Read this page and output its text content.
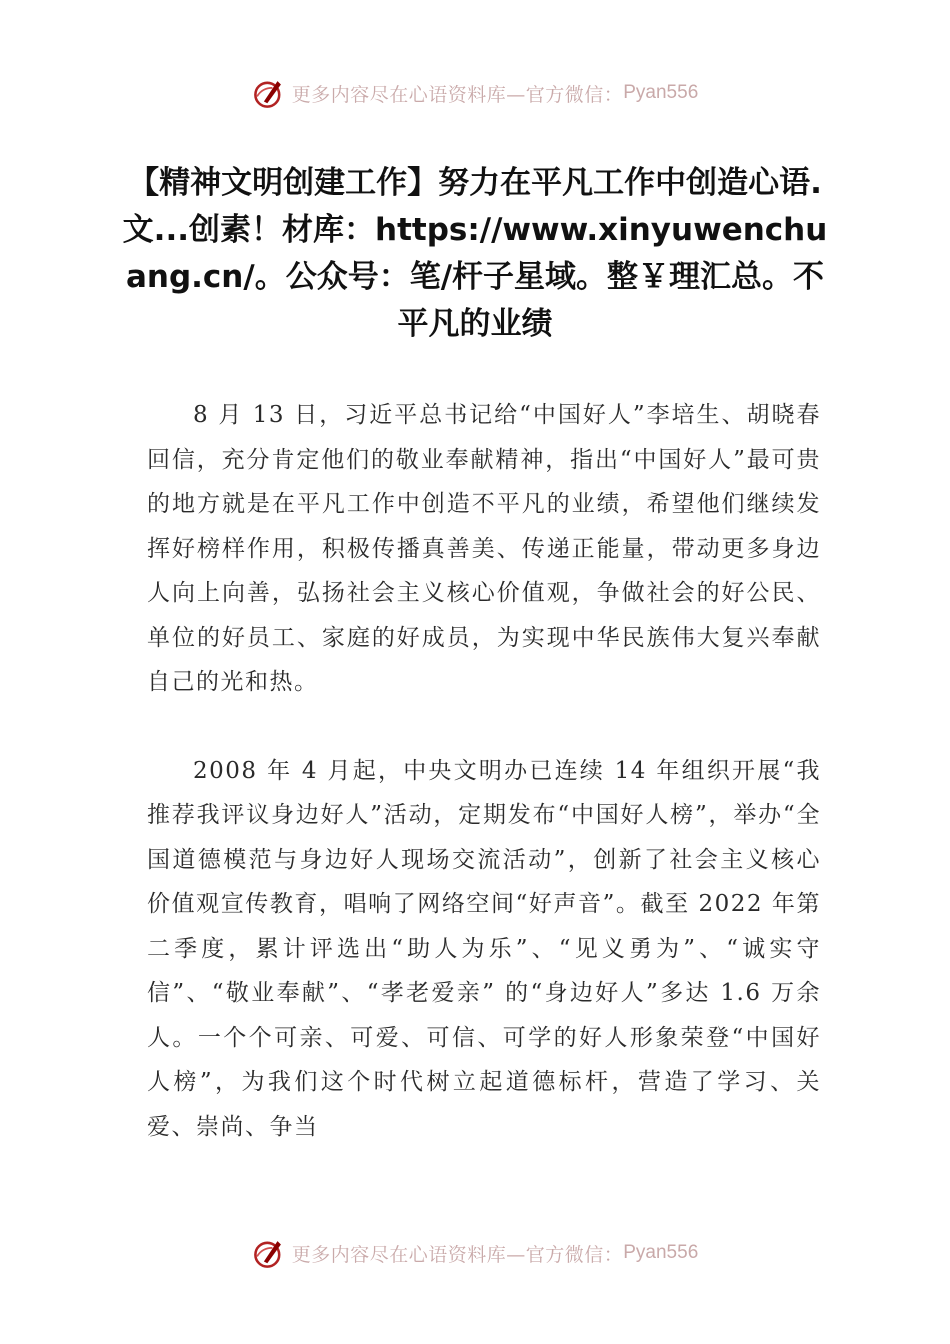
更多内容尽在心语资料库—官方微信： Pyan556
【精神文明创建工作】努力在平凡工作中创造心语.文...创素！材库：https://www.xinyuwenchuang.cn/。公众号：笔/杆子星域。整￥理汇总。不平凡的业绩

8 月 13 日，习近平总书记给“中国好人”李培生、胡晓春回信，充分肯定他们的敬业奉献精神，指出“中国好人”最可贵的地方就是在平凡工作中创造不平凡的业绩，希望他们继续发挥好榜样作用，积极传播真善美、传递正能量，带动更多身边人向上向善，弘扬社会主义核心价值观，争做社会的好公民、单位的好员工、家庭的好成员，为实现中华民族伟大复兴奉献自己的光和热。

2008 年 4 月起，中央文明办已连续 14 年组织开展“我推荐我评议身边好人”活动，定期发布“中国好人榜”，举办“全国道德模范与身边好人现场交流活动”，创新了社会主义核心价值观宣传教育，唱响了网络空间“好声音”。截至 2022 年第二季度，累计评选出“助人为乐”、“见义勇为”、“诚实守信”、“敬业奉献”、“孝老爱亲” 的“身边好人”多达 1.6 万余人。一个个可亲、可爱、可信、可学的好人形象荣登“中国好人榜”，为我们这个时代树立起道德标杆，营造了学习、关爱、崇尚、争当

更多内容尽在心语资料库—官方微信： Pyan556
